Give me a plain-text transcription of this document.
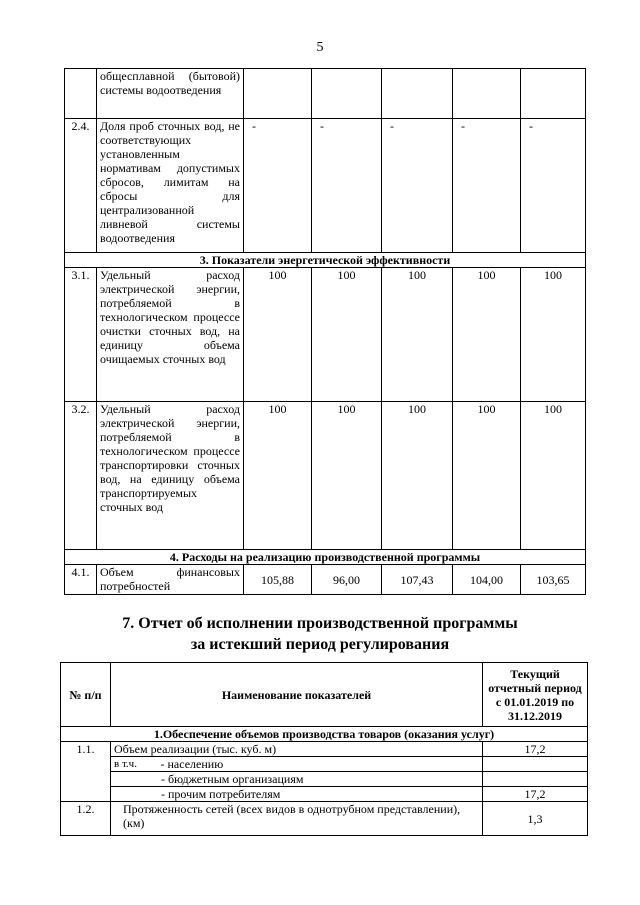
5
	общесплавной (бытовой) системы водоотведения					
2.4.	Доля проб сточных вод, не соответствующих установленным нормативам допустимых сбросов, лимитам на сбросы для централизованной ливневой системы водоотведения	-	-	-	-	-
3. Показатели энергетической эффективности						
3.1.	Удельный расход электрической энергии, потребляемой в технологическом процессе очистки сточных вод, на единицу объема очищаемых сточных вод	100	100	100	100	100
3.2.	Удельный расход электрической энергии, потребляемой в технологическом процессе транспортировки сточных вод, на единицу объема транспортируемых сточных вод	100	100	100	100	100
4. Расходы на реализацию производственной программы						
4.1.	Объем финансовых потребностей	105,88	96,00	107,43	104,00	103,65
7. Отчет об исполнении производственной программы
за истекший период регулирования
№ п/п	Наименование показателей		Текущий отчетный период с 01.01.2019 по 31.12.2019
1.Обеспечение объемов производства товаров (оказания услуг)			
1.1.	Объем реализации (тыс. куб. м)		17,2
	в т.ч.	- населению	
	- бюджетным организациям		
	- прочим потребителям		17,2
1.2.	Протяженность сетей (всех видов в однотрубном представлении), (км)		1,3
